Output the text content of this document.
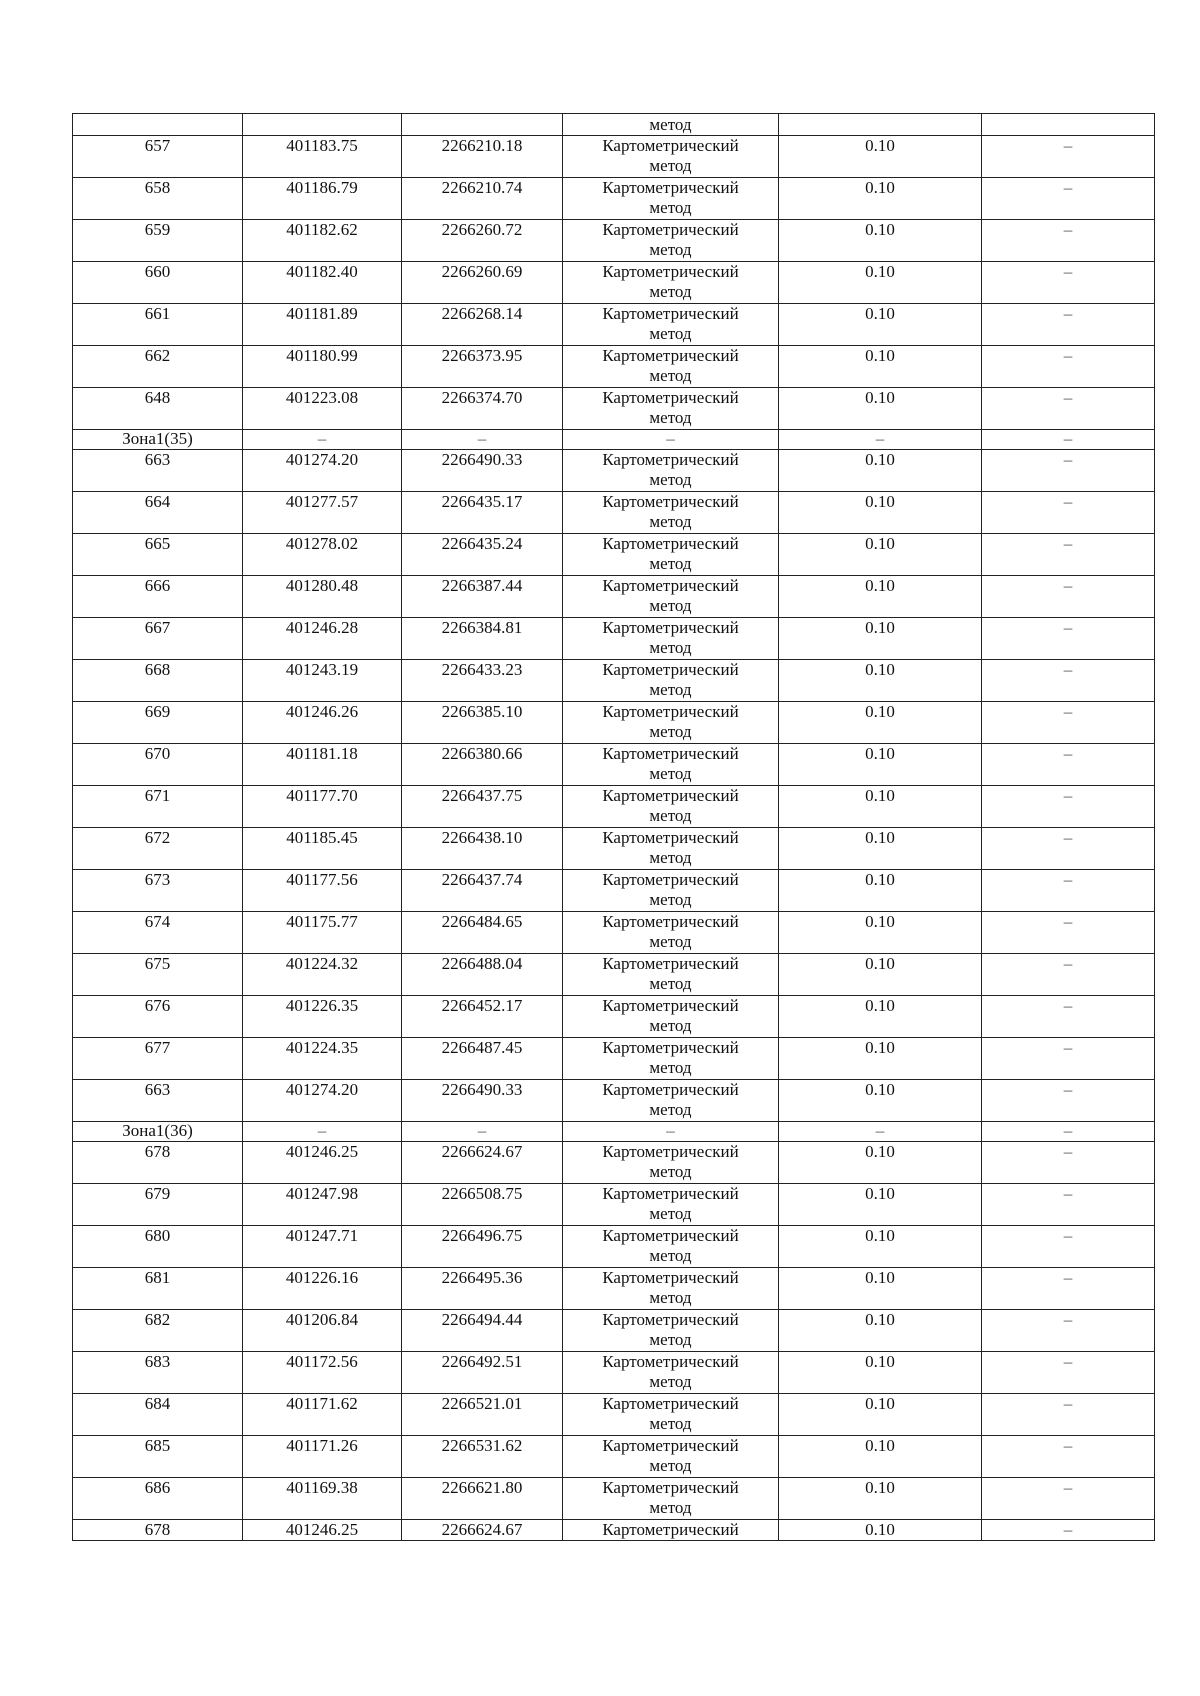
			метод		
657	401183.75	2266210.18	Картометрический
метод	0.10	–
658	401186.79	2266210.74	Картометрический
метод	0.10	–
659	401182.62	2266260.72	Картометрический
метод	0.10	–
660	401182.40	2266260.69	Картометрический
метод	0.10	–
661	401181.89	2266268.14	Картометрический
метод	0.10	–
662	401180.99	2266373.95	Картометрический
метод	0.10	–
648	401223.08	2266374.70	Картометрический
метод	0.10	–
Зона1(35)	–	–	–	–	–
663	401274.20	2266490.33	Картометрический
метод	0.10	–
664	401277.57	2266435.17	Картометрический
метод	0.10	–
665	401278.02	2266435.24	Картометрический
метод	0.10	–
666	401280.48	2266387.44	Картометрический
метод	0.10	–
667	401246.28	2266384.81	Картометрический
метод	0.10	–
668	401243.19	2266433.23	Картометрический
метод	0.10	–
669	401246.26	2266385.10	Картометрический
метод	0.10	–
670	401181.18	2266380.66	Картометрический
метод	0.10	–
671	401177.70	2266437.75	Картометрический
метод	0.10	–
672	401185.45	2266438.10	Картометрический
метод	0.10	–
673	401177.56	2266437.74	Картометрический
метод	0.10	–
674	401175.77	2266484.65	Картометрический
метод	0.10	–
675	401224.32	2266488.04	Картометрический
метод	0.10	–
676	401226.35	2266452.17	Картометрический
метод	0.10	–
677	401224.35	2266487.45	Картометрический
метод	0.10	–
663	401274.20	2266490.33	Картометрический
метод	0.10	–
Зона1(36)	–	–	–	–	–
678	401246.25	2266624.67	Картометрический
метод	0.10	–
679	401247.98	2266508.75	Картометрический
метод	0.10	–
680	401247.71	2266496.75	Картометрический
метод	0.10	–
681	401226.16	2266495.36	Картометрический
метод	0.10	–
682	401206.84	2266494.44	Картометрический
метод	0.10	–
683	401172.56	2266492.51	Картометрический
метод	0.10	–
684	401171.62	2266521.01	Картометрический
метод	0.10	–
685	401171.26	2266531.62	Картометрический
метод	0.10	–
686	401169.38	2266621.80	Картометрический
метод	0.10	–
678	401246.25	2266624.67	Картометрический	0.10	–
